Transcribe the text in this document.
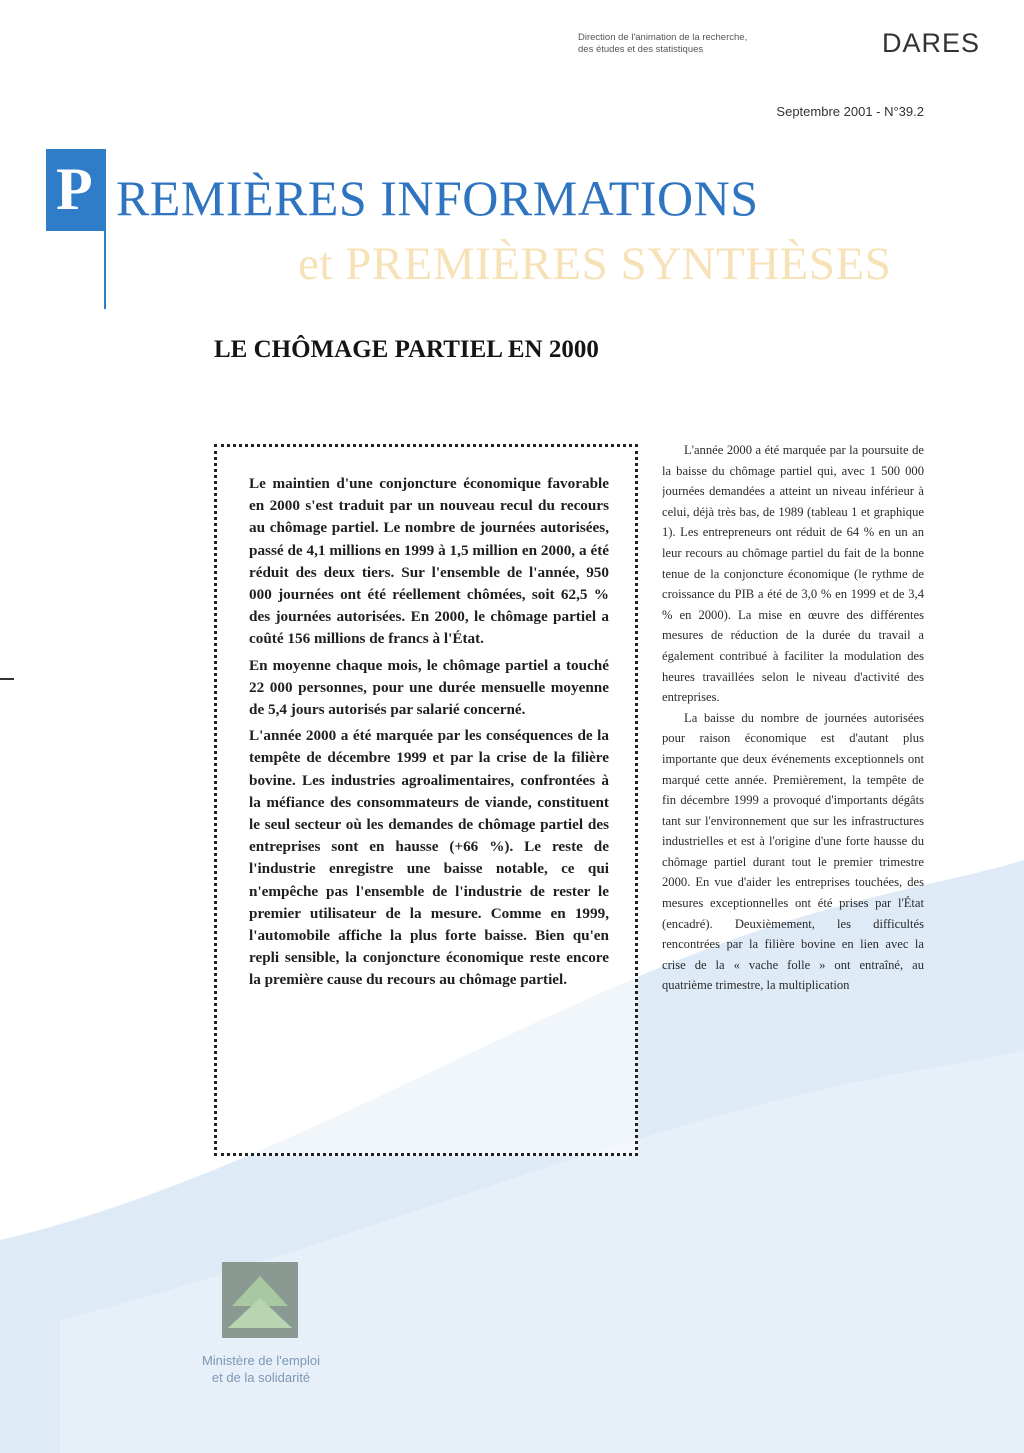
Direction de l'animation de la recherche,
des études et des statistiques	DARES
Septembre 2001 - N°39.2
P REMIÈRES INFORMATIONS
et PREMIÈRES SYNTHÈSES
LE CHÔMAGE PARTIEL EN 2000

Le maintien d'une conjoncture économique favorable en 2000 s'est traduit par un nouveau recul du recours au chômage partiel. Le nombre de journées autorisées, passé de 4,1 millions en 1999 à 1,5 million en 2000, a été réduit des deux tiers. Sur l'ensemble de l'année, 950 000 journées ont été réellement chômées, soit 62,5 % des journées autorisées. En 2000, le chômage partiel a coûté 156 millions de francs à l'État.

En moyenne chaque mois, le chômage partiel a touché 22 000 personnes, pour une durée mensuelle moyenne de 5,4 jours autorisés par salarié concerné.

L'année 2000 a été marquée par les conséquences de la tempête de décembre 1999 et par la crise de la filière bovine. Les industries agroalimentaires, confrontées à la méfiance des consommateurs de viande, constituent le seul secteur où les demandes de chômage partiel des entreprises sont en hausse (+66 %). Le reste de l'industrie enregistre une baisse notable, ce qui n'empêche pas l'ensemble de l'industrie de rester le premier utilisateur de la mesure. Comme en 1999, l'automobile affiche la plus forte baisse. Bien qu'en repli sensible, la conjoncture économique reste encore la première cause du recours au chômage partiel.

L'année 2000 a été marquée par la poursuite de la baisse du chômage partiel qui, avec 1 500 000 journées demandées a atteint un niveau inférieur à celui, déjà très bas, de 1989 (tableau 1 et graphique 1). Les entrepreneurs ont réduit de 64 % en un an leur recours au chômage partiel du fait de la bonne tenue de la conjoncture économique (le rythme de croissance du PIB a été de 3,0 % en 1999 et de 3,4 % en 2000). La mise en œuvre des différentes mesures de réduction de la durée du travail a également contribué à faciliter la modulation des heures travaillées selon le niveau d'activité des entreprises.

La baisse du nombre de journées autorisées pour raison économique est d'autant plus importante que deux événements exceptionnels ont marqué cette année. Premièrement, la tempête de fin décembre 1999 a provoqué d'importants dégâts tant sur l'environnement que sur les infrastructures industrielles et est à l'origine d'une forte hausse du chômage partiel durant tout le premier trimestre 2000. En vue d'aider les entreprises touchées, des mesures exceptionnelles ont été prises par l'État (encadré). Deuxièmement, les difficultés rencontrées par la filière bovine en lien avec la crise de la « vache folle » ont entraîné, au quatrième trimestre, la multiplication

Ministère de l'emploi
et de la solidarité
